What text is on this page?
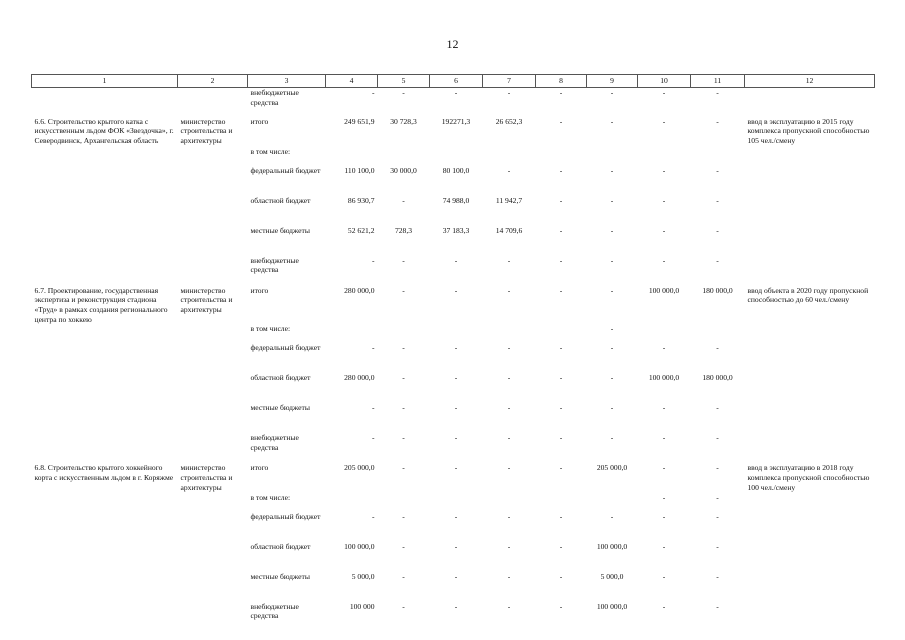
12
1	2	3	4	5	6	7	8	9	10	11	12
		внебюджетные средства	-	-	-	-	-	-	-	-	
6.6. Строительство крытого катка с искусственным льдом ФОК «Звездочка», г. Северодвинск, Архангельская область	министерство строительства и архитектуры	итого	249 651,9	30 728,3	192271,3	26 652,3	-	-	-	-	ввод в эксплуатацию в 2015 году комплекса пропускной способностью 105 чел./смену
		в том числе:									
		федеральный бюджет	110 100,0	30 000,0	80 100,0	-	-	-	-	-	
		областной бюджет	86 930,7	-	74 988,0	11 942,7	-	-	-	-	
		местные бюджеты	52 621,2	728,3	37 183,3	14 709,6	-	-	-	-	
		внебюджетные средства	-	-	-	-	-	-	-	-	
6.7. Проектирование, государственная экспертиза и реконструкция стадиона «Труд» в рамках создания регионального центра по хоккею	министерство строительства и архитектуры	итого	280 000,0	-	-	-	-	-	100 000,0	180 000,0	ввод объекта в 2020 году пропускной способностью до 60 чел./смену
		в том числе:						-			
		федеральный бюджет	-	-	-	-	-	-	-	-	
		областной бюджет	280 000,0	-	-	-	-	-	100 000,0	180 000,0	
		местные бюджеты	-	-	-	-	-	-	-	-	
		внебюджетные средства	-	-	-	-	-	-	-	-	
6.8. Строительство крытого хоккейного корта с искусственным льдом в г. Коряжме	министерство строительства и архитектуры	итого	205 000,0	-	-	-	-	205 000,0	-	-	ввод в эксплуатацию в 2018 году комплекса пропускной способностью 100 чел./смену
		в том числе:							-	-	
		федеральный бюджет	-	-	-	-	-	-	-	-	
		областной бюджет	100 000,0	-	-	-	-	100 000,0	-	-	
		местные бюджеты	5 000,0	-	-	-	-	5 000,0	-	-	
		внебюджетные средства	100 000	-	-	-	-	100 000,0	-	-	
